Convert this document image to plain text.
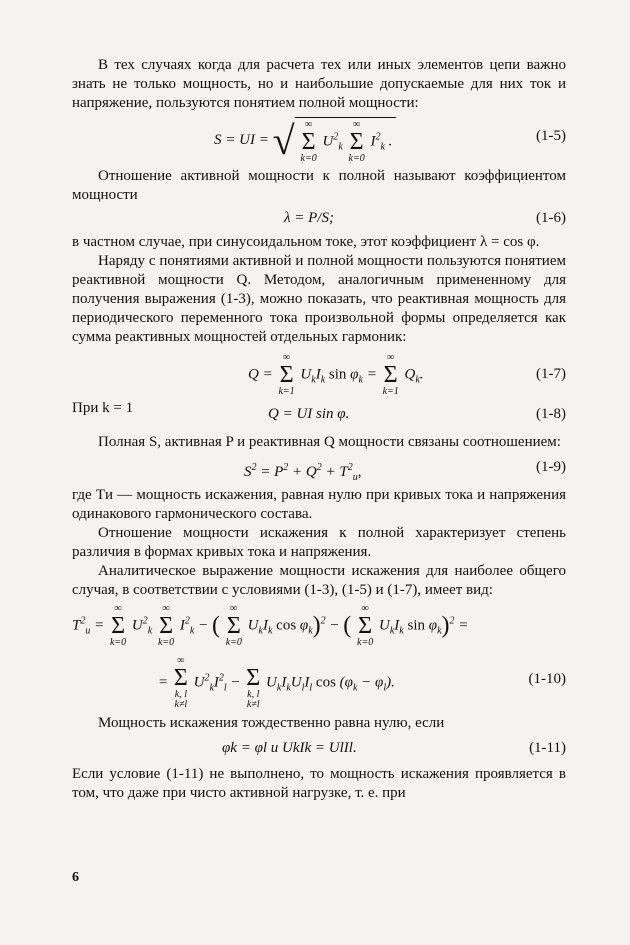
В тех случаях когда для расчета тех или иных элементов цепи важно знать не только мощность, но и наибольшие допускаемые для них ток и напряжение, пользуются понятием полной мощности:

S = UI = √	∞
Σ
k=0
$U^2_k$
∞
Σ
k=0
$I^2_k$ .	(1-5)

Отношение активной мощности к полной называют коэффициентом мощности

λ = P/S;	(1-6)

в частном случае, при синусоидальном токе, этот коэффициент λ = cos φ.

Наряду с понятиями активной и полной мощности пользуются понятием реактивной мощности Q. Методом, аналогичным примененному для получения выражения (1-3), можно показать, что реактивная мощность для периодического переменного тока произвольной формы определяется как сумма реактивных мощностей отдельных гармоник:

Q =
∞
Σ
k=1
$U_kI_k$ $\sin \varphi_k$ =
∞
Σ
k=1
$Q_k$.	(1-7)
При k = 1	Q = UI sin φ.	(1-8)

Полная S, активная P и реактивная Q мощности связаны соотношением:

$S^2 = P^2 + Q^2 + T^2_и$,	(1-9)

где Tи — мощность искажения, равная нулю при кривых тока и напряжения одинакового гармонического состава.

Отношение мощности искажения к полной характеризует степень различия в формах кривых тока и напряжения.

Аналитическое выражение мощности искажения для наиболее общего случая, в соответствии с условиями (1-3), (1-5) и (1-7), имеет вид:

$T^2_и$ =
∞
Σ
k=0
$U^2_k$
∞
Σ
k=0
$I^2_k$ − (
∞
Σ
k=0
$U_kI_k$ $\cos \varphi_k)^2$ − (
∞
Σ
k=0
$U_kI_k$ $\sin \varphi_k)^2$ =
=
∞
Σ
k, l
k≠l
$U^2_kI^2_l$ −
Σ
k, l
k≠l
$U_kI_kU_lI_l$ $\cos (\varphi_k - \varphi_l)$.	(1-10)

Мощность искажения тождественно равна нулю, если

φk = φl и UkIk = UlIl.	(1-11)

Если условие (1-11) не выполнено, то мощность искажения проявляется в том, что даже при чисто активной нагрузке, т. е. при

6
